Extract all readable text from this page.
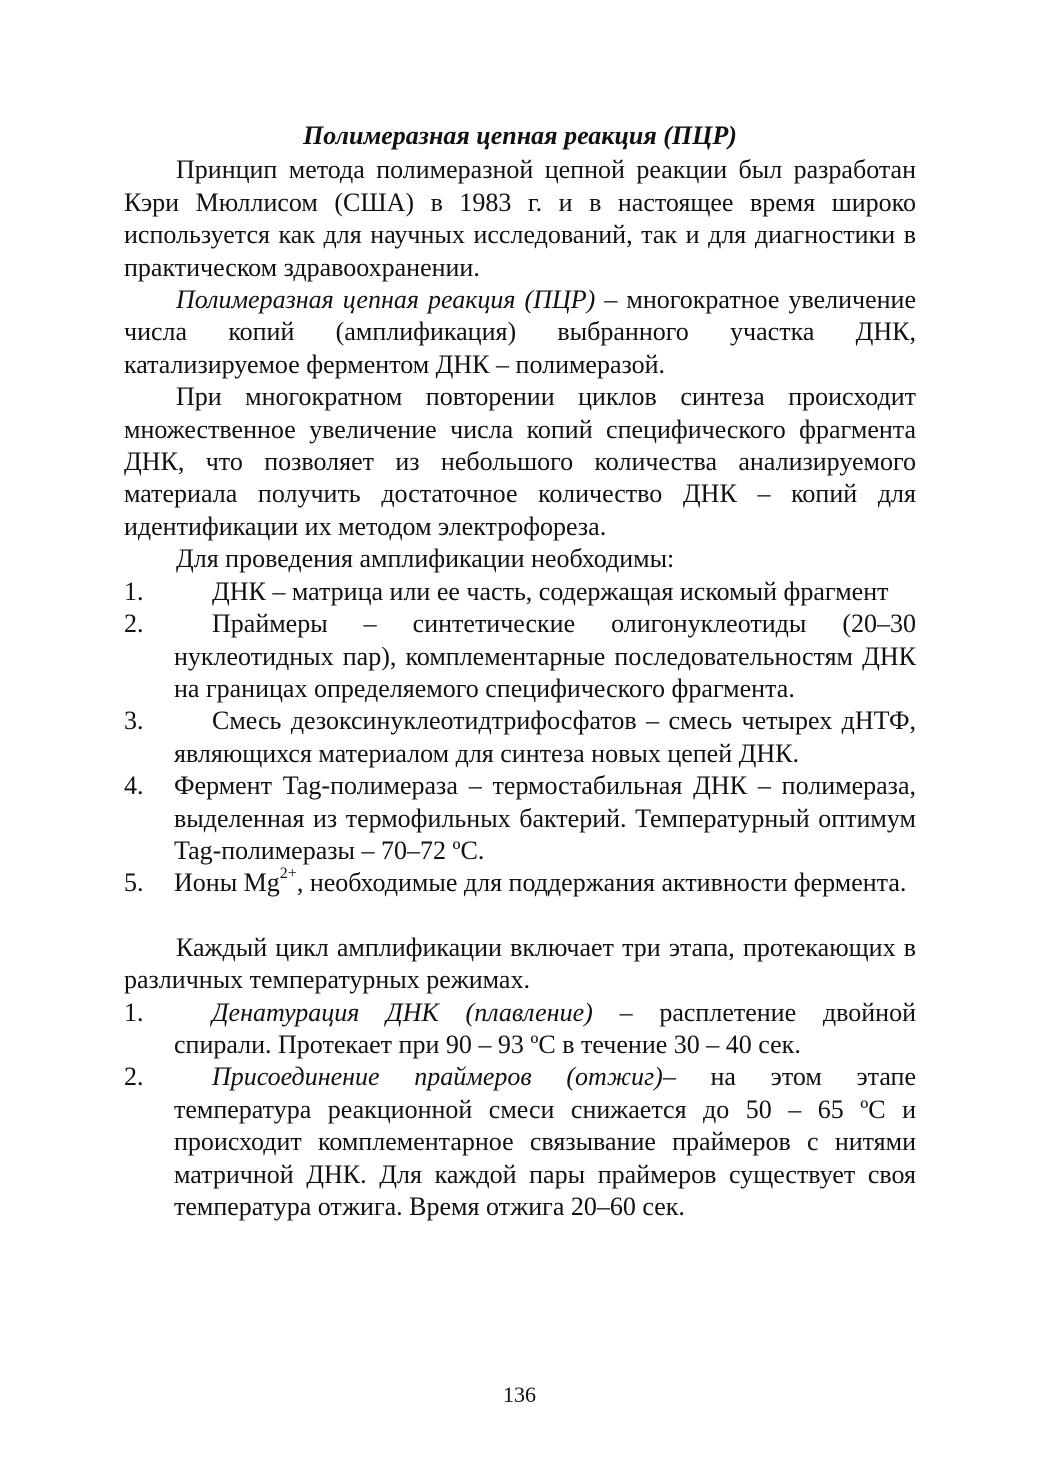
Полимеразная цепная реакция (ПЦР)

Принцип метода полимеразной цепной реакции был разработан Кэри Мюллисом (США) в 1983 г. и в настоящее время широко используется как для научных исследований, так и для диагностики в практическом здравоохранении.

Полимеразная цепная реакция (ПЦР) – многократное увеличение числа копий (амплификация) выбранного участка ДНК, катализируемое ферментом ДНК – полимеразой.

При многократном повторении циклов синтеза происходит множественное увеличение числа копий специфического фрагмента ДНК, что позволяет из небольшого количества анализируемого материала получить достаточное количество ДНК – копий для идентификации их методом электрофореза.

Для проведения амплификации необходимы:

1.	ДНК – матрица или ее часть, содержащая искомый фрагмент
2.	Праймеры – синтетические олигонуклеотиды (20–30 нуклеотидных пар), комплементарные последовательностям ДНК на границах определяемого специфического фрагмента.
3.	Смесь дезоксинуклеотидтрифосфатов – смесь четырех дНТФ, являющихся материалом для синтеза новых цепей ДНК.
4. Фермент Tag-полимераза – термостабильная ДНК – полимераза, выделенная из термофильных бактерий. Температурный оптимум Tag-полимеразы – 70–72 ºC.
5. Ионы $Mg^{2+}$, необходимые для поддержания активности фермента.

Каждый цикл амплификации включает три этапа, протекающих в различных температурных режимах.

1.	Денатурация ДНК (плавление) – расплетение двойной спирали. Протекает при 90 – 93 ºC в течение 30 – 40 сек.
2.	Присоединение праймеров (отжиг)– на этом этапе температура реакционной смеси снижается до 50 – 65 ºC и происходит комплементарное связывание праймеров с нитями матричной ДНК. Для каждой пары праймеров существует своя температура отжига. Время отжига 20–60 сек.
136
